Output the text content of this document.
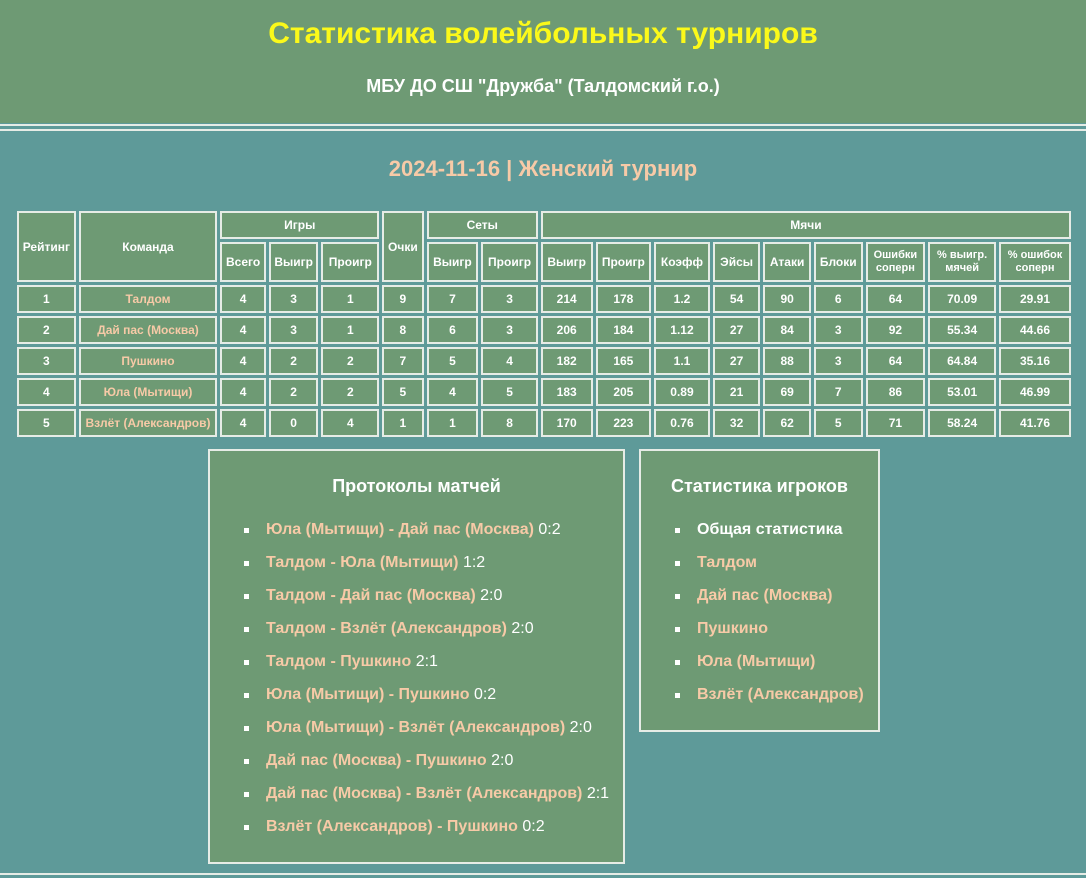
Статистика волейбольных турниров
МБУ ДО СШ "Дружба" (Талдомский г.о.)
2024-11-16 | Женский турнир
Рейтинг	Команда	Игры			Очки	Сеты		Мячи								
		Всего	Выигр	Проигр		Выигр	Проигр	Выигр	Проигр	Коэфф	Эйсы	Атаки	Блоки	Ошибки соперн	% выигр. мячей	% ошибок соперн
1	Талдом	4	3	1	9	7	3	214	178	1.2	54	90	6	64	70.09	29.91
2	Дай пас (Москва)	4	3	1	8	6	3	206	184	1.12	27	84	3	92	55.34	44.66
3	Пушкино	4	2	2	7	5	4	182	165	1.1	27	88	3	64	64.84	35.16
4	Юла (Мытищи)	4	2	2	5	4	5	183	205	0.89	21	69	7	86	53.01	46.99
5	Взлёт (Александров)	4	0	4	1	1	8	170	223	0.76	32	62	5	71	58.24	41.76
Протоколы матчей
Юла (Мытищи) - Дай пас (Москва) 0:2
Талдом - Юла (Мытищи) 1:2
Талдом - Дай пас (Москва) 2:0
Талдом - Взлёт (Александров) 2:0
Талдом - Пушкино 2:1
Юла (Мытищи) - Пушкино 0:2
Юла (Мытищи) - Взлёт (Александров) 2:0
Дай пас (Москва) - Пушкино 2:0
Дай пас (Москва) - Взлёт (Александров) 2:1
Взлёт (Александров) - Пушкино 0:2
Статистика игроков
Общая статистика
Талдом
Дай пас (Москва)
Пушкино
Юла (Мытищи)
Взлёт (Александров)
